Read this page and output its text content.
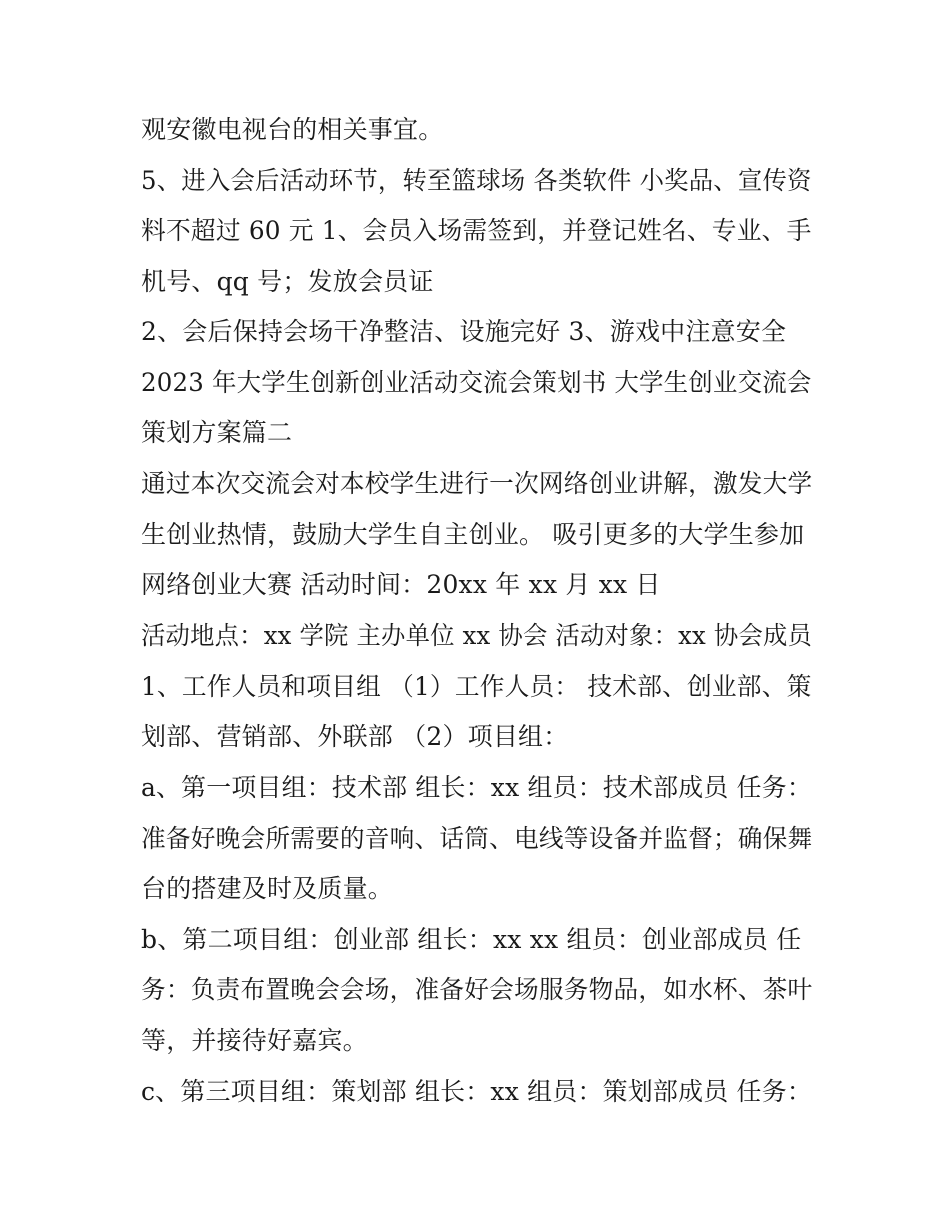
观安徽电视台的相关事宜。
5、进入会后活动环节，转至篮球场 各类软件 小奖品、宣传资
料不超过 60 元 1、会员入场需签到，并登记姓名、专业、手
机号、qq 号；发放会员证
2、会后保持会场干净整洁、设施完好 3、游戏中注意安全
2023 年大学生创新创业活动交流会策划书 大学生创业交流会
策划方案篇二
通过本次交流会对本校学生进行一次网络创业讲解，激发大学
生创业热情，鼓励大学生自主创业。 吸引更多的大学生参加
网络创业大赛 活动时间：20xx 年 xx 月 xx 日
活动地点：xx 学院 主办单位 xx 协会 活动对象：xx 协会成员
1、工作人员和项目组 （1）工作人员： 技术部、创业部、策
划部、营销部、外联部 （2）项目组：
a、第一项目组：技术部 组长：xx 组员：技术部成员 任务：
准备好晚会所需要的音响、话筒、电线等设备并监督；确保舞
台的搭建及时及质量。
b、第二项目组：创业部 组长：xx xx 组员：创业部成员 任
务：负责布置晚会会场，准备好会场服务物品，如水杯、茶叶
等，并接待好嘉宾。
c、第三项目组：策划部 组长：xx 组员：策划部成员 任务：
